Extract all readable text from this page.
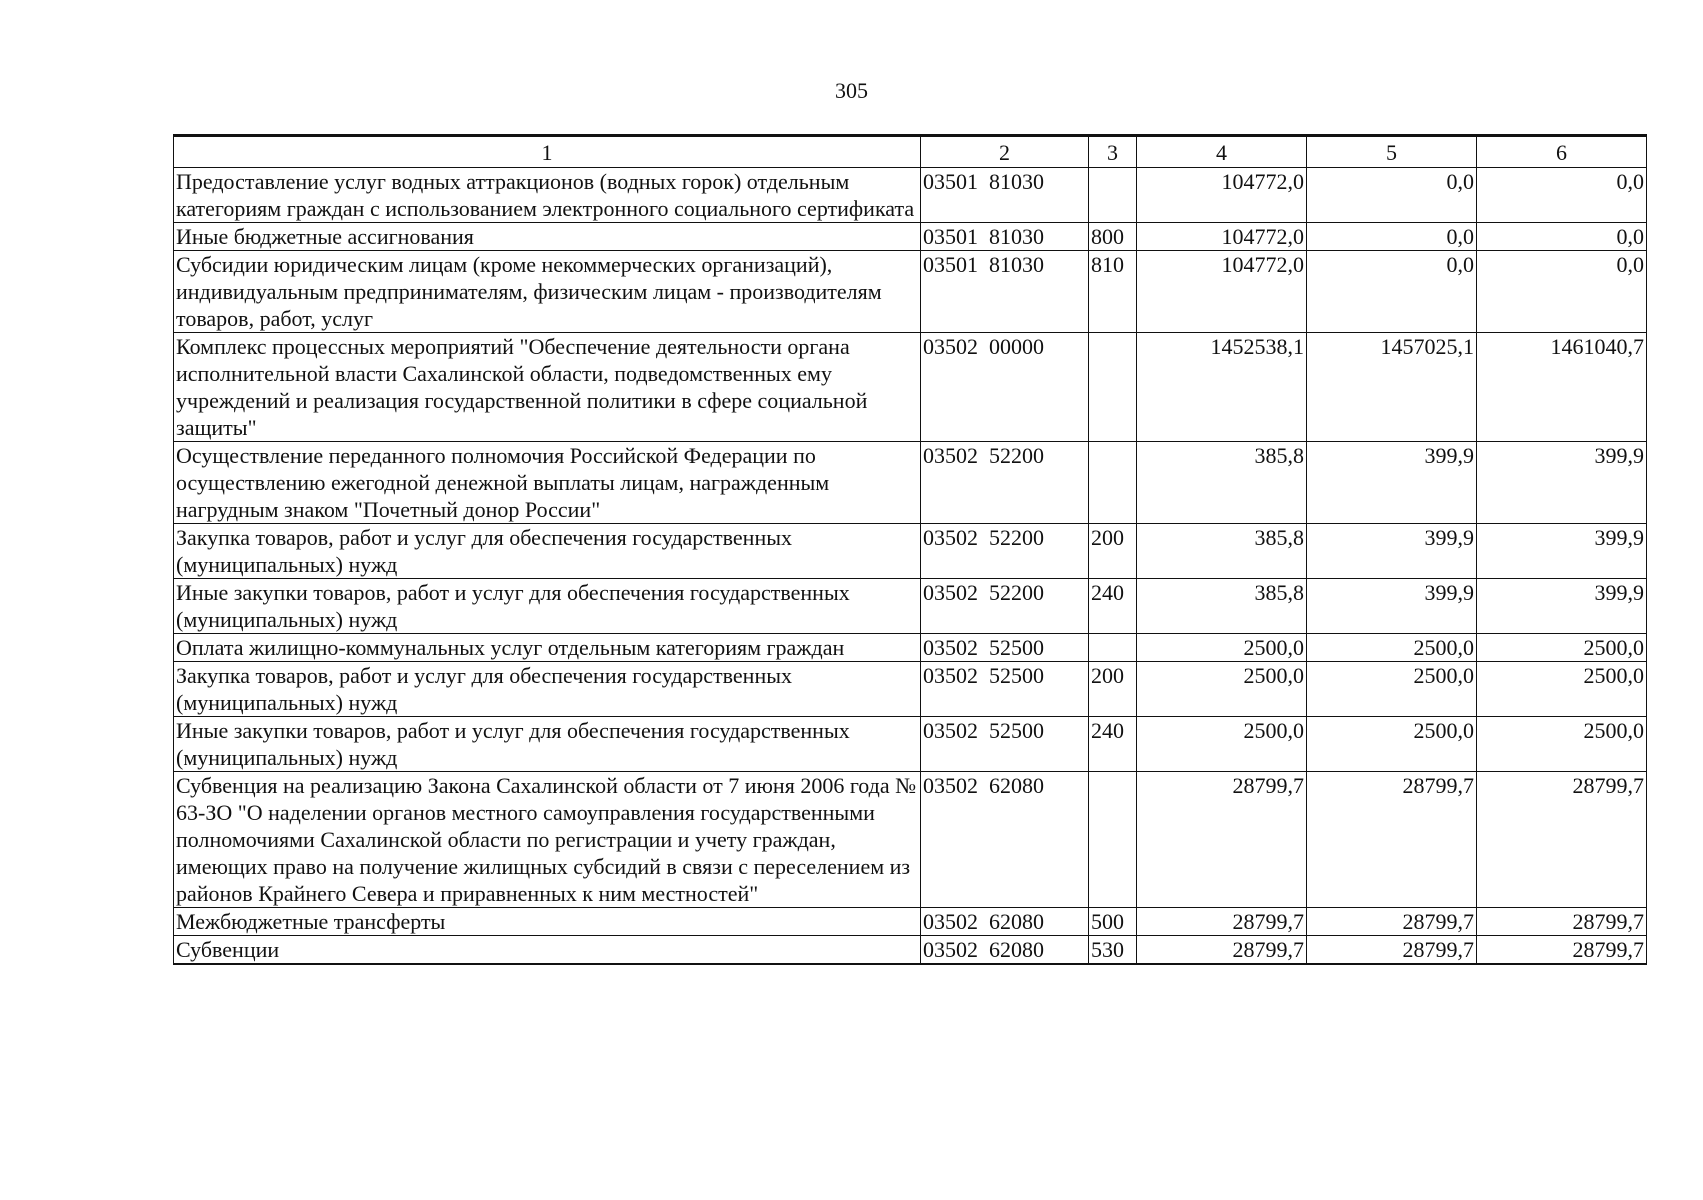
305
1	2	3	4	5	6
Предоставление услуг водных аттракционов (водных горок) отдельным категориям граждан с использованием электронного социального сертификата	03501 81030		104772,0	0,0	0,0
Иные бюджетные ассигнования	03501 81030	800	104772,0	0,0	0,0
Субсидии юридическим лицам (кроме некоммерческих организаций), индивидуальным предпринимателям, физическим лицам - производителям товаров, работ, услуг	03501 81030	810	104772,0	0,0	0,0
Комплекс процессных мероприятий "Обеспечение деятельности органа исполнительной власти Сахалинской области, подведомственных ему учреждений и реализация государственной политики в сфере социальной защиты"	03502 00000		1452538,1	1457025,1	1461040,7
Осуществление переданного полномочия Российской Федерации по осуществлению ежегодной денежной выплаты лицам, награжденным нагрудным знаком "Почетный донор России"	03502 52200		385,8	399,9	399,9
Закупка товаров, работ и услуг для обеспечения государственных (муниципальных) нужд	03502 52200	200	385,8	399,9	399,9
Иные закупки товаров, работ и услуг для обеспечения государственных (муниципальных) нужд	03502 52200	240	385,8	399,9	399,9
Оплата жилищно-коммунальных услуг отдельным категориям граждан	03502 52500		2500,0	2500,0	2500,0
Закупка товаров, работ и услуг для обеспечения государственных (муниципальных) нужд	03502 52500	200	2500,0	2500,0	2500,0
Иные закупки товаров, работ и услуг для обеспечения государственных (муниципальных) нужд	03502 52500	240	2500,0	2500,0	2500,0
Субвенция на реализацию Закона Сахалинской области от 7 июня 2006 года № 63-ЗО "О наделении органов местного самоуправления государственными полномочиями Сахалинской области по регистрации и учету граждан, имеющих право на получение жилищных субсидий в связи с переселением из районов Крайнего Севера и приравненных к ним местностей"	03502 62080		28799,7	28799,7	28799,7
Межбюджетные трансферты	03502 62080	500	28799,7	28799,7	28799,7
Субвенции	03502 62080	530	28799,7	28799,7	28799,7
